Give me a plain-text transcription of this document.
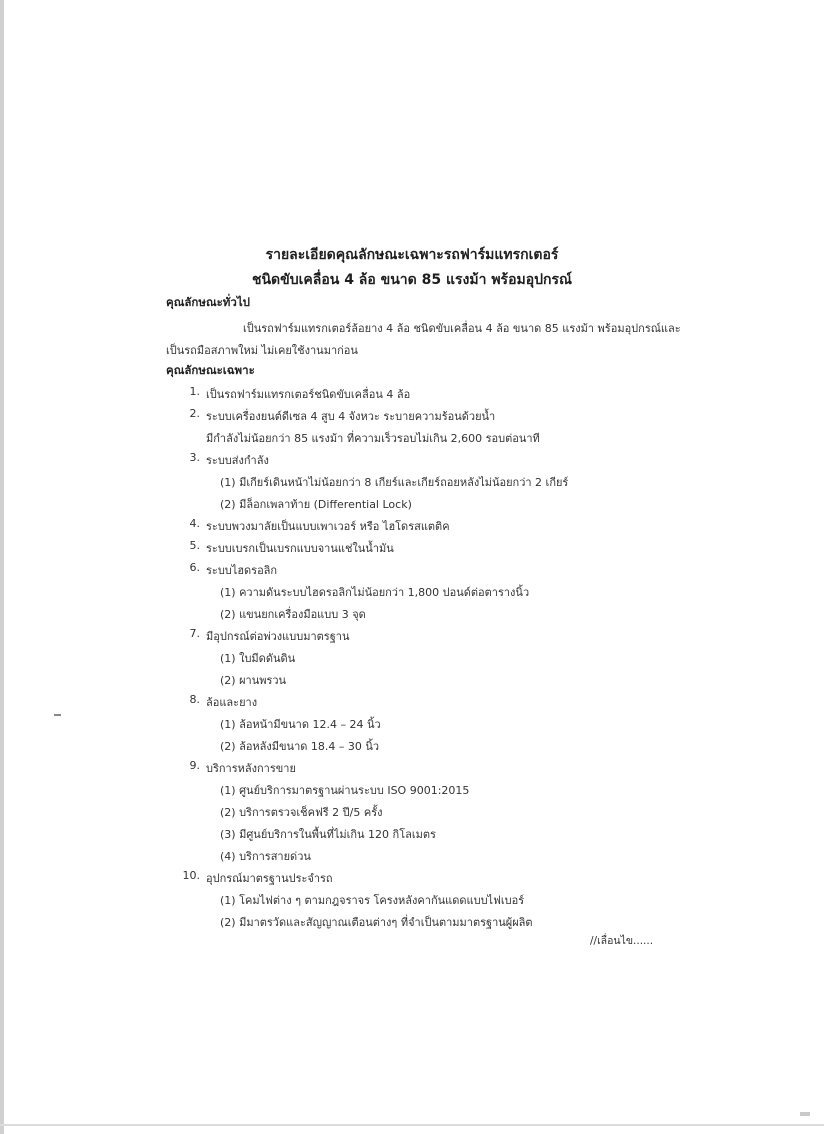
รายละเอียดคุณลักษณะเฉพาะรถฟาร์มแทรกเตอร์
ชนิดขับเคลื่อน 4 ล้อ ขนาด 85 แรงม้า พร้อมอุปกรณ์
คุณลักษณะทั่วไป
เป็นรถฟาร์มแทรกเตอร์ล้อยาง 4 ล้อ ชนิดขับเคลื่อน 4 ล้อ ขนาด 85 แรงม้า พร้อมอุปกรณ์และ
เป็นรถมือสภาพใหม่ ไม่เคยใช้งานมาก่อน
คุณลักษณะเฉพาะ
1. เป็นรถฟาร์มแทรกเตอร์ชนิดขับเคลื่อน 4 ล้อ
2. ระบบเครื่องยนต์ดีเซล 4 สูบ 4 จังหวะ ระบายความร้อนด้วยน้ำ
มีกำลังไม่น้อยกว่า 85 แรงม้า ที่ความเร็วรอบไม่เกิน 2,600 รอบต่อนาที
3. ระบบส่งกำลัง
(1) มีเกียร์เดินหน้าไม่น้อยกว่า 8 เกียร์และเกียร์ถอยหลังไม่น้อยกว่า 2 เกียร์
(2) มีล็อกเพลาท้าย (Differential Lock)
4. ระบบพวงมาลัยเป็นแบบเพาเวอร์ หรือ ไฮโดรสแตติค
5. ระบบเบรกเป็นเบรกแบบจานแช่ในน้ำมัน
6. ระบบไฮดรอลิก
(1) ความดันระบบไฮดรอลิกไม่น้อยกว่า 1,800 ปอนด์ต่อตารางนิ้ว
(2) แขนยกเครื่องมือแบบ 3 จุด
7. มีอุปกรณ์ต่อพ่วงแบบมาตรฐาน
(1) ใบมีดดันดิน
(2) ผานพรวน
8. ล้อและยาง
(1) ล้อหน้ามีขนาด 12.4 – 24 นิ้ว
(2) ล้อหลังมีขนาด 18.4 – 30 นิ้ว
9. บริการหลังการขาย
(1) ศูนย์บริการมาตรฐานผ่านระบบ ISO 9001:2015
(2) บริการตรวจเช็คฟรี 2 ปี/5 ครั้ง
(3) มีศูนย์บริการในพื้นที่ไม่เกิน 120 กิโลเมตร
(4) บริการสายด่วน
10. อุปกรณ์มาตรฐานประจำรถ
(1) โคมไฟต่าง ๆ ตามกฎจราจร โครงหลังคากันแดดแบบไฟเบอร์
(2) มีมาตรวัดและสัญญาณเตือนต่างๆ ที่จำเป็นตามมาตรฐานผู้ผลิต
//เลื่อนไข......
